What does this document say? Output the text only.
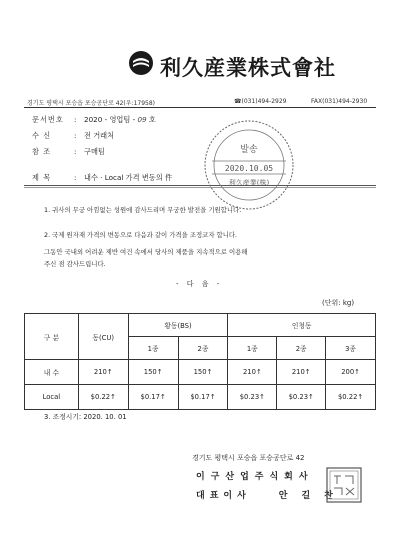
利久産業株式會社
경기도 평택시 포승읍 포승공단로 42(우:17958)	☎(031)494-2929	FAX(031)494-2930
문서번호 : 2020 - 영업팀 - 09 호
수 신	: 전 거래처
참 조	: 구매팀
제 목	: 내수 · Local 가격 변동의 件
발송
2020.10.05
利久産業(株)
1. 귀사의 무궁 아낌없는 성원에 감사드리며 무궁한 발전을 기원합니다.
2. 국제 원자재 가격의 변동으로 다음과 같이 가격을 조정코자 합니다.
그동안 국내외 어려운 제반 여건 속에서 당사의 제품을 지속적으로 이용해
주신 점 감사드립니다.
- 다 음 -
(단위: kg)
구 분	동(CU)	황동(BS)		인청동		
		1종	2종	1종	2종	3종
내 수	210↑	150↑	150↑	210↑	210↑	200↑
Local	$0.22↑	$0.17↑	$0.17↑	$0.23↑	$0.23↑	$0.22↑
3. 조정시기: 2020. 10. 01
경기도 평택시 포승읍 포승공단로 42
이구산업주식회사
대표이사	안길찬
